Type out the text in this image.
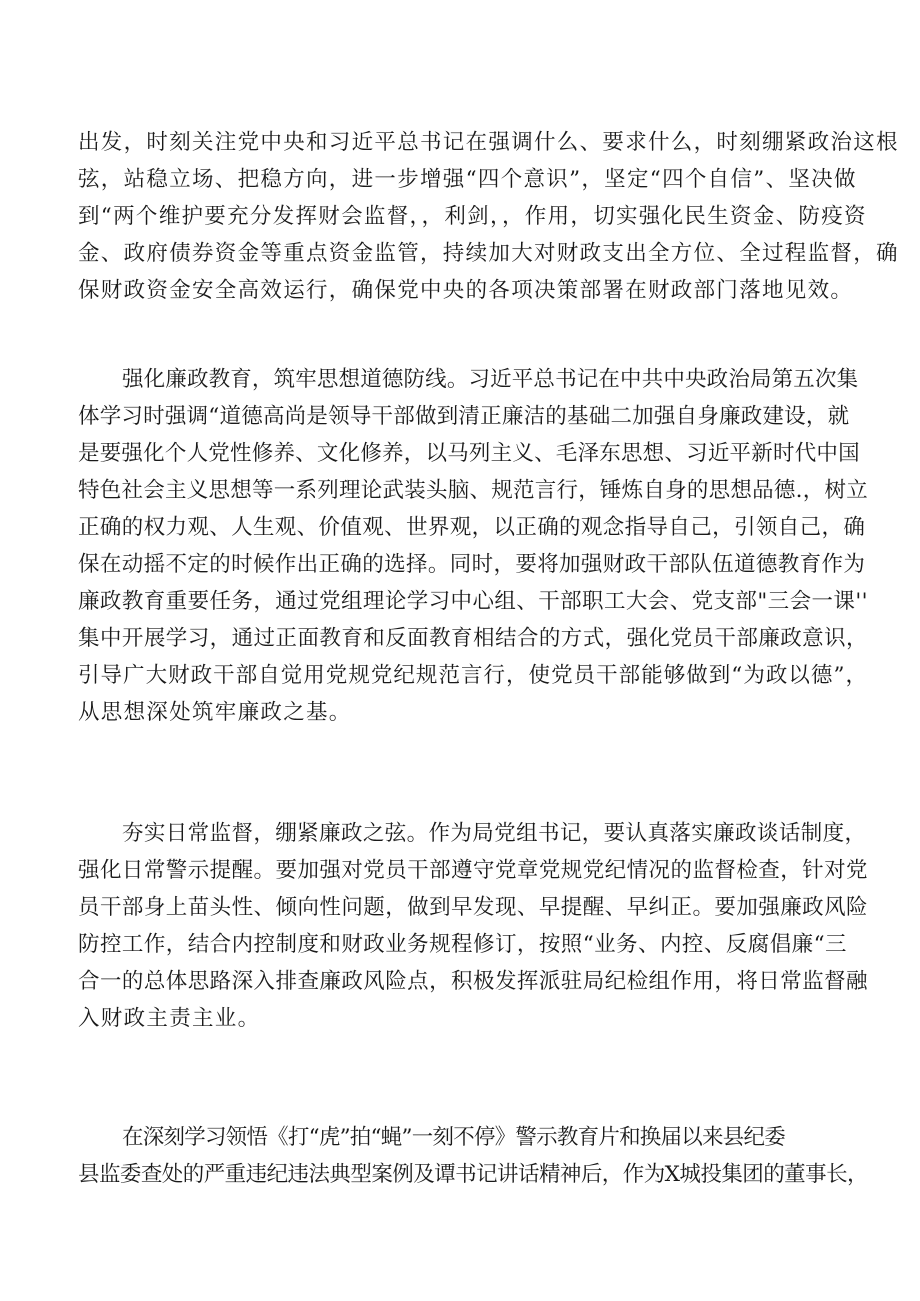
出发，时刻关注党中央和习近平总书记在强调什么、要求什么，时刻绷紧政治这根
弦，站稳立场、把稳方向，进一步增强“四个意识”，坚定“四个自信”、坚决做
到“两个维护要充分发挥财会监督，，利剑，，作用，切实强化民生资金、防疫资
金、政府债券资金等重点资金监管，持续加大对财政支出全方位、全过程监督，确
保财政资金安全高效运行，确保党中央的各项决策部署在财政部门落地见效。
强化廉政教育，筑牢思想道德防线。习近平总书记在中共中央政治局第五次集
体学习时强调“道德高尚是领导干部做到清正廉洁的基础二加强自身廉政建设，就
是要强化个人党性修养、文化修养，以马列主义、毛泽东思想、习近平新时代中国
特色社会主义思想等一系列理论武装头脑、规范言行，锤炼自身的思想品德.，树立
正确的权力观、人生观、价值观、世界观，以正确的观念指导自己，引领自己，确
保在动摇不定的时候作出正确的选择。同时，要将加强财政干部队伍道德教育作为
廉政教育重要任务，通过党组理论学习中心组、干部职工大会、党支部"三会一课''
集中开展学习，通过正面教育和反面教育相结合的方式，强化党员干部廉政意识，
引导广大财政干部自觉用党规党纪规范言行，使党员干部能够做到“为政以德”，
从思想深处筑牢廉政之基。
夯实日常监督，绷紧廉政之弦。作为局党组书记，要认真落实廉政谈话制度，
强化日常警示提醒。要加强对党员干部遵守党章党规党纪情况的监督检查，针对党
员干部身上苗头性、倾向性问题，做到早发现、早提醒、早纠正。要加强廉政风险
防控工作，结合内控制度和财政业务规程修订，按照“业务、内控、反腐倡廉“三
合一的总体思路深入排查廉政风险点，积极发挥派驻局纪检组作用，将日常监督融
入财政主责主业。
在深刻学习领悟《打“虎”拍“蝇”一刻不停》警示教育片和换届以来县纪委
县监委查处的严重违纪违法典型案例及谭书记讲话精神后，作为X城投集团的董事长，
